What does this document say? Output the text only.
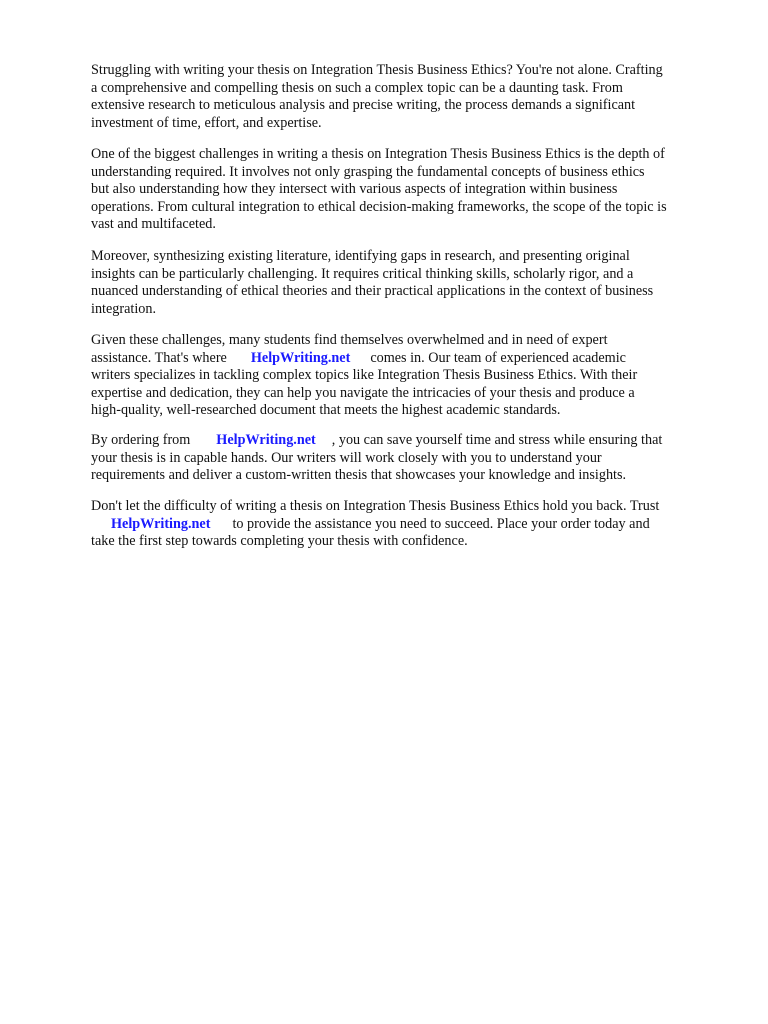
Struggling with writing your thesis on Integration Thesis Business Ethics? You're not alone. Crafting
a comprehensive and compelling thesis on such a complex topic can be a daunting task. From
extensive research to meticulous analysis and precise writing, the process demands a significant
investment of time, effort, and expertise.

One of the biggest challenges in writing a thesis on Integration Thesis Business Ethics is the depth of
understanding required. It involves not only grasping the fundamental concepts of business ethics
but also understanding how they intersect with various aspects of integration within business
operations. From cultural integration to ethical decision-making frameworks, the scope of the topic is
vast and multifaceted.

Moreover, synthesizing existing literature, identifying gaps in research, and presenting original
insights can be particularly challenging. It requires critical thinking skills, scholarly rigor, and a
nuanced understanding of ethical theories and their practical applications in the context of business
integration.

Given these challenges, many students find themselves overwhelmed and in need of expert
assistance. That's where HelpWriting.net comes in. Our team of experienced academic
writers specializes in tackling complex topics like Integration Thesis Business Ethics. With their
expertise and dedication, they can help you navigate the intricacies of your thesis and produce a
high-quality, well-researched document that meets the highest academic standards.

By ordering from HelpWriting.net , you can save yourself time and stress while ensuring that
your thesis is in capable hands. Our writers will work closely with you to understand your
requirements and deliver a custom-written thesis that showcases your knowledge and insights.

Don't let the difficulty of writing a thesis on Integration Thesis Business Ethics hold you back. Trust
HelpWriting.net to provide the assistance you need to succeed. Place your order today and
take the first step towards completing your thesis with confidence.
